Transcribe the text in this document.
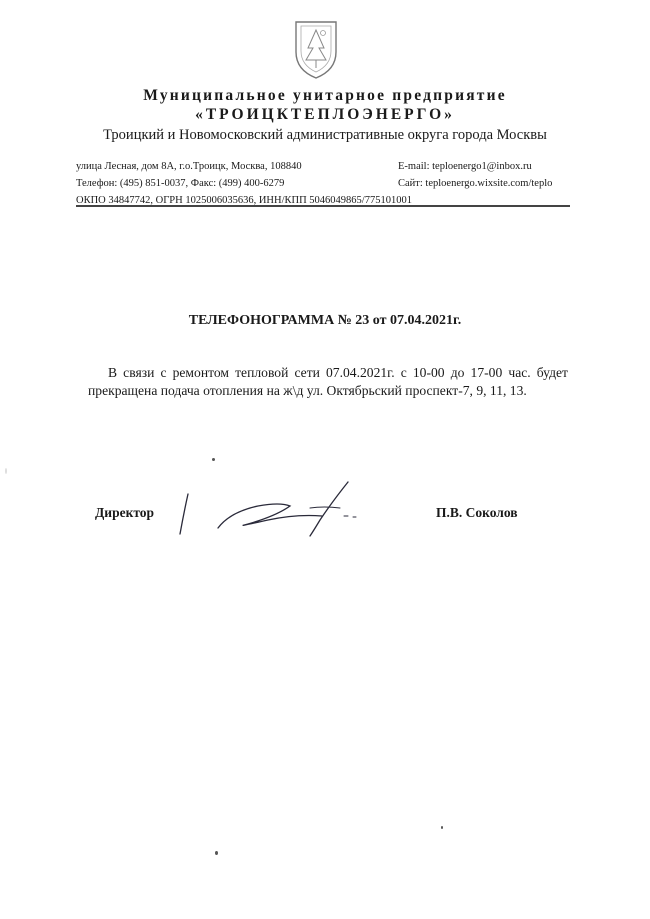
Муниципальное унитарное предприятие
«ТРОИЦКТЕПЛОЭНЕРГО»
Троицкий и Новомосковский административные округа города Москвы
улица Лесная, дом 8А, г.о.Троицк, Москва, 108840
Телефон: (495) 851-0037, Факс: (499) 400-6279
ОКПО 34847742, ОГРН 1025006035636, ИНН/КПП 5046049865/775101001
E-mail: teploenergo1@inbox.ru
Сайт: teploenergo.wixsite.com/teplo
ТЕЛЕФОНОГРАММА № 23 от 07.04.2021г.
В связи с ремонтом тепловой сети 07.04.2021г. с 10-00 до 17-00 час. будет прекращена подача отопления на ж\д ул. Октябрьский проспект-7, 9, 11, 13.
Директор	П.В. Соколов
